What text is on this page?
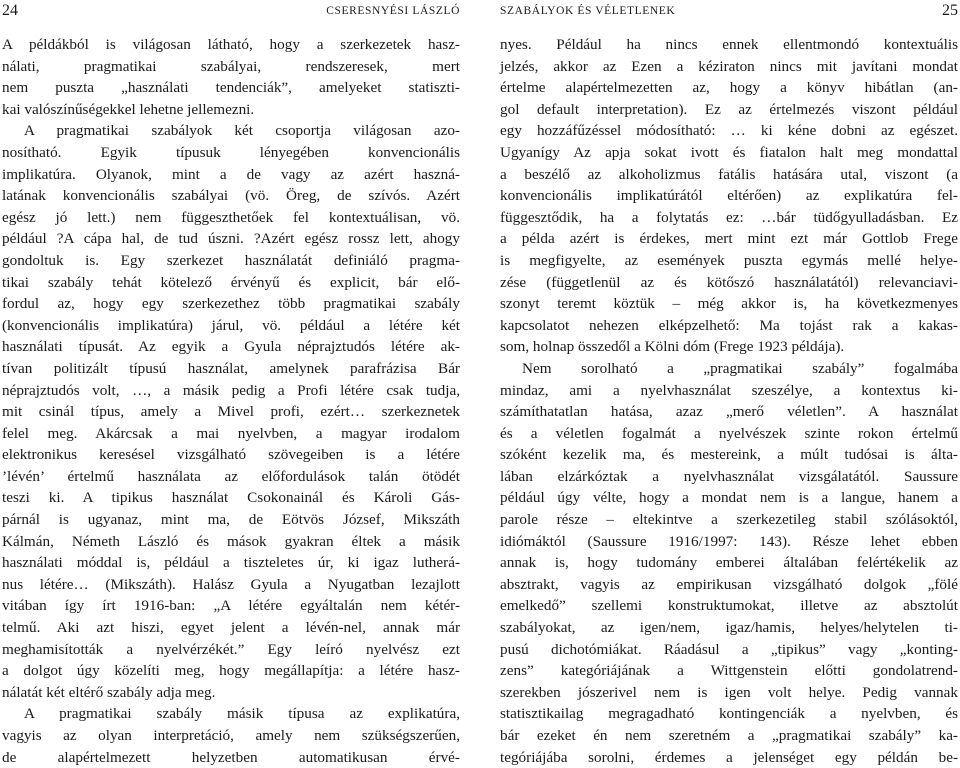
24	CSERESNYÉSI LÁSZLÓ
A példákból is világosan látható, hogy a szerkezetek hasz-
nálati, pragmatikai szabályai, rendszeresek, mert
nem puszta „használati tendenciák”, amelyeket statiszti-
kai valószínűségekkel lehetne jellemezni.
A pragmatikai szabályok két csoportja világosan azo-
nosítható. Egyik típusuk lényegében konvencionális
implikatúra. Olyanok, mint a de vagy az azért haszná-
latának konvencionális szabályai (vö. Öreg, de szívós. Azért
egész jó lett.) nem függeszthetőek fel kontextuálisan, vö.
például ?A cápa hal, de tud úszni. ?Azért egész rossz lett, ahogy
gondoltuk is. Egy szerkezet használatát definiáló pragma-
tikai szabály tehát kötelező érvényű és explicit, bár elő-
fordul az, hogy egy szerkezethez több pragmatikai szabály
(konvencionális implikatúra) járul, vö. például a létére két
használati típusát. Az egyik a Gyula néprajztudós létére ak-
tívan politizált típusú használat, amelynek parafrázisa Bár
néprajztudós volt, …, a másik pedig a Profi létére csak tudja,
mit csinál típus, amely a Mivel profi, ezért… szerkeznetek
felel meg. Akárcsak a mai nyelvben, a magyar irodalom
elektronikus keresésel vizsgálható szövegeiben is a létére
’lévén’ értelmű használata az előfordulások talán ötödét
teszi ki. A tipikus használat Csokonainál és Károli Gás-
párnál is ugyanaz, mint ma, de Eötvös József, Mikszáth
Kálmán, Németh László és mások gyakran éltek a másik
használati móddal is, például a tiszteletes úr, ki igaz lutherá-
nus létére… (Mikszáth). Halász Gyula a Nyugatban lezajlott
vitában így írt 1916-ban: „A létére egyáltalán nem kétér-
telmű. Aki azt hiszi, egyet jelent a lévén-nel, annak már
meghamisították a nyelvérzékét.” Egy leíró nyelvész ezt
a dolgot úgy közelíti meg, hogy megállapítja: a létére hasz-
nálatát két eltérő szabály adja meg.
A pragmatikai szabály másik típusa az explikatúra,
vagyis az olyan interpretáció, amely nem szükségszerűen,
de alapértelmezett helyzetben automatikusan érvé-
SZABÁLYOK ÉS VÉLETLENEK	25
nyes. Például ha nincs ennek ellentmondó kontextuális
jelzés, akkor az Ezen a kéziraton nincs mit javítani mondat
értelme alapértelmezetten az, hogy a könyv hibátlan (an-
gol default interpretation). Ez az értelmezés viszont például
egy hozzáfűzéssel módosítható: … ki kéne dobni az egészet.
Ugyanígy Az apja sokat ivott és fiatalon halt meg mondattal
a beszélő az alkoholizmus fatális hatására utal, viszont (a
konvencionális implikatúrától eltérően) az explikatúra fel-
függesztődik, ha a folytatás ez: …bár tüdőgyulladásban. Ez
a példa azért is érdekes, mert mint ezt már Gottlob Frege
is megfigyelte, az események puszta egymás mellé helye-
zése (függetlenül az és kötőszó használatától) relevanciavi-
szonyt teremt köztük – még akkor is, ha következmenyes
kapcsolatot nehezen elképzelhető: Ma tojást rak a kakas-
som, holnap összedől a Kölni dóm (Frege 1923 példája).
Nem sorolható a „pragmatikai szabály” fogalmába
mindaz, ami a nyelvhasználat szeszélye, a kontextus ki-
számíthatatlan hatása, azaz „merő véletlen”. A használat
és a véletlen fogalmát a nyelvészek szinte rokon értelmű
szóként kezelik ma, és mestereink, a múlt tudósai is álta-
lában elzárkóztak a nyelvhasználat vizsgálatától. Saussure
például úgy vélte, hogy a mondat nem is a langue, hanem a
parole része – eltekintve a szerkezetileg stabil szólásoktól,
idiómáktól (Saussure 1916/1997: 143). Része lehet ebben
annak is, hogy tudomány emberei általában felértékelik az
absztrakt, vagyis az empirikusan vizsgálható dolgok „fölé
emelkedő” szellemi konstruktumokat, illetve az absztolút
szabályokat, az igen/nem, igaz/hamis, helyes/helytelen ti-
pusú dichotómiákat. Ráadásul a „tipikus” vagy „konting-
zens” kategóriájának a Wittgenstein előtti gondolatrend-
szerekben jószerivel nem is igen volt helye. Pedig vannak
statisztikailag megragadható kontingenciák a nyelvben, és
bár ezeket én nem szeretném a „pragmatikai szabály” ka-
tegóriájába sorolni, érdemes a jelenséget egy példán be-
